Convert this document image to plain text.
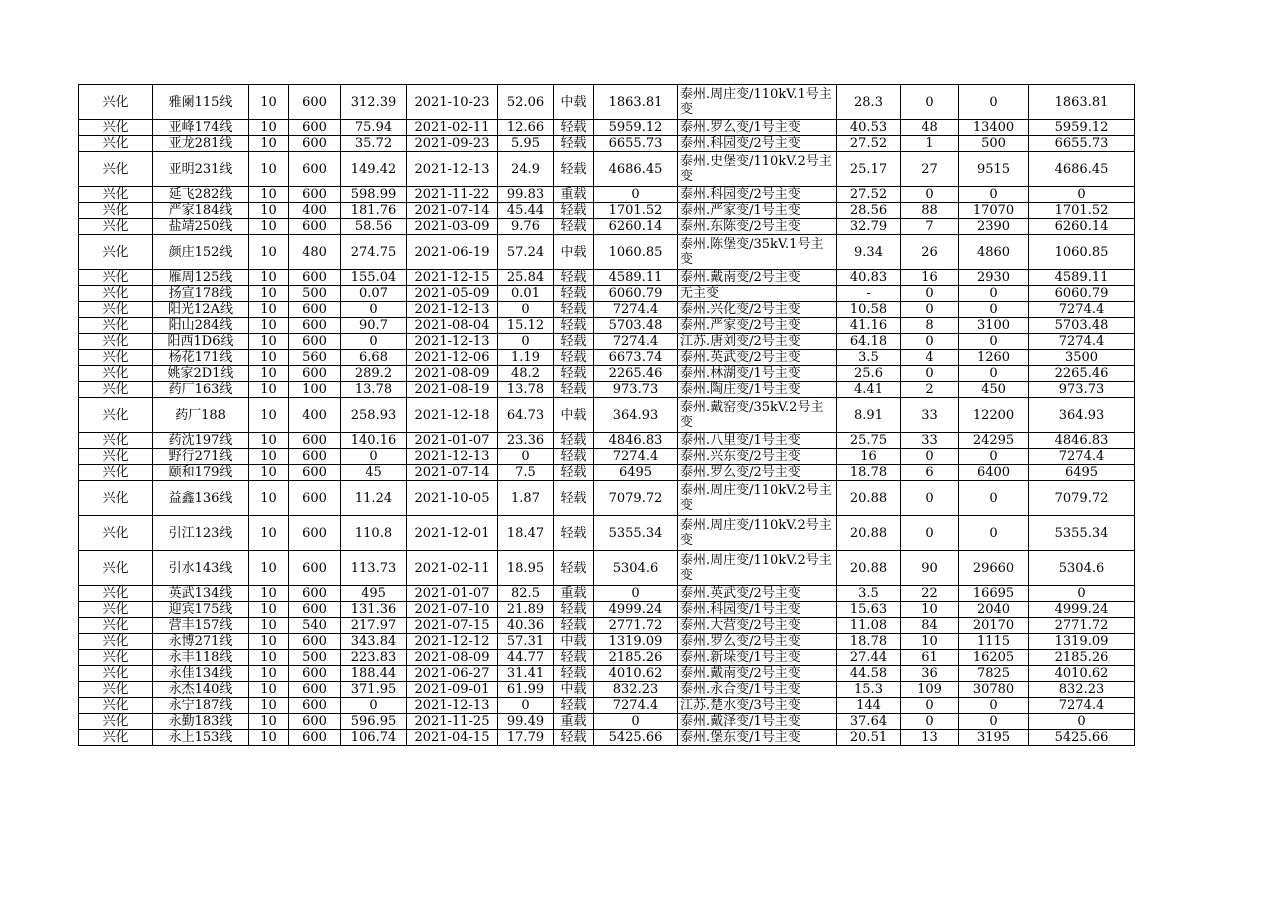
兴化	雅阑115线	10	600	312.39	2021-10-23	52.06	中载	1863.81	泰州.周庄变/110kV.1号主变	28.3	0	0	1863.81
兴化	亚峰174线	10	600	75.94	2021-02-11	12.66	轻载	5959.12	泰州.罗么变/1号主变	40.53	48	13400	5959.12
兴化	亚龙281线	10	600	35.72	2021-09-23	5.95	轻载	6655.73	泰州.科园变/2号主变	27.52	1	500	6655.73
兴化	亚明231线	10	600	149.42	2021-12-13	24.9	轻载	4686.45	泰州.史堡变/110kV.2号主变	25.17	27	9515	4686.45
兴化	延飞282线	10	600	598.99	2021-11-22	99.83	重载	0	泰州.科园变/2号主变	27.52	0	0	0
兴化	严家184线	10	400	181.76	2021-07-14	45.44	轻载	1701.52	泰州.严家变/1号主变	28.56	88	17070	1701.52
兴化	盐靖250线	10	600	58.56	2021-03-09	9.76	轻载	6260.14	泰州.东陈变/2号主变	32.79	7	2390	6260.14
兴化	颜庄152线	10	480	274.75	2021-06-19	57.24	中载	1060.85	泰州.陈堡变/35kV.1号主变	9.34	26	4860	1060.85
兴化	雁周125线	10	600	155.04	2021-12-15	25.84	轻载	4589.11	泰州.戴南变/2号主变	40.83	16	2930	4589.11
兴化	扬宣178线	10	500	0.07	2021-05-09	0.01	轻载	6060.79	无主变	-	0	0	6060.79
兴化	阳光12A线	10	600	0	2021-12-13	0	轻载	7274.4	泰州.兴化变/2号主变	10.58	0	0	7274.4
兴化	阳山284线	10	600	90.7	2021-08-04	15.12	轻载	5703.48	泰州.严家变/2号主变	41.16	8	3100	5703.48
兴化	阳西1D6线	10	600	0	2021-12-13	0	轻载	7274.4	江苏.唐刘变/2号主变	64.18	0	0	7274.4
兴化	杨花171线	10	560	6.68	2021-12-06	1.19	轻载	6673.74	泰州.英武变/2号主变	3.5	4	1260	3500
兴化	姚家2D1线	10	600	289.2	2021-08-09	48.2	轻载	2265.46	泰州.林湖变/1号主变	25.6	0	0	2265.46
兴化	药厂163线	10	100	13.78	2021-08-19	13.78	轻载	973.73	泰州.陶庄变/1号主变	4.41	2	450	973.73
兴化	药厂188	10	400	258.93	2021-12-18	64.73	中载	364.93	泰州.戴窑变/35kV.2号主变	8.91	33	12200	364.93
兴化	药沈197线	10	600	140.16	2021-01-07	23.36	轻载	4846.83	泰州.八里变/1号主变	25.75	33	24295	4846.83
兴化	野行271线	10	600	0	2021-12-13	0	轻载	7274.4	泰州.兴东变/2号主变	16	0	0	7274.4
兴化	颐和179线	10	600	45	2021-07-14	7.5	轻载	6495	泰州.罗么变/2号主变	18.78	6	6400	6495
兴化	益鑫136线	10	600	11.24	2021-10-05	1.87	轻载	7079.72	泰州.周庄变/110kV.2号主变	20.88	0	0	7079.72
兴化	引江123线	10	600	110.8	2021-12-01	18.47	轻载	5355.34	泰州.周庄变/110kV.2号主变	20.88	0	0	5355.34
兴化	引水143线	10	600	113.73	2021-02-11	18.95	轻载	5304.6	泰州.周庄变/110kV.2号主变	20.88	90	29660	5304.6
兴化	英武134线	10	600	495	2021-01-07	82.5	重载	0	泰州.英武变/2号主变	3.5	22	16695	0
兴化	迎宾175线	10	600	131.36	2021-07-10	21.89	轻载	4999.24	泰州.科园变/1号主变	15.63	10	2040	4999.24
兴化	营丰157线	10	540	217.97	2021-07-15	40.36	轻载	2771.72	泰州.大营变/2号主变	11.08	84	20170	2771.72
兴化	永博271线	10	600	343.84	2021-12-12	57.31	中载	1319.09	泰州.罗么变/2号主变	18.78	10	1115	1319.09
兴化	永丰118线	10	500	223.83	2021-08-09	44.77	轻载	2185.26	泰州.新垛变/1号主变	27.44	61	16205	2185.26
兴化	永佳134线	10	600	188.44	2021-06-27	31.41	轻载	4010.62	泰州.戴南变/2号主变	44.58	36	7825	4010.62
兴化	永杰140线	10	600	371.95	2021-09-01	61.99	中载	832.23	泰州.永合变/1号主变	15.3	109	30780	832.23
兴化	永宁187线	10	600	0	2021-12-13	0	轻载	7274.4	江苏.楚水变/3号主变	144	0	0	7274.4
兴化	永勤183线	10	600	596.95	2021-11-25	99.49	重载	0	泰州.戴泽变/1号主变	37.64	0	0	0
兴化	永上153线	10	600	106.74	2021-04-15	17.79	轻载	5425.66	泰州.堡东变/1号主变	20.51	13	3195	5425.66
